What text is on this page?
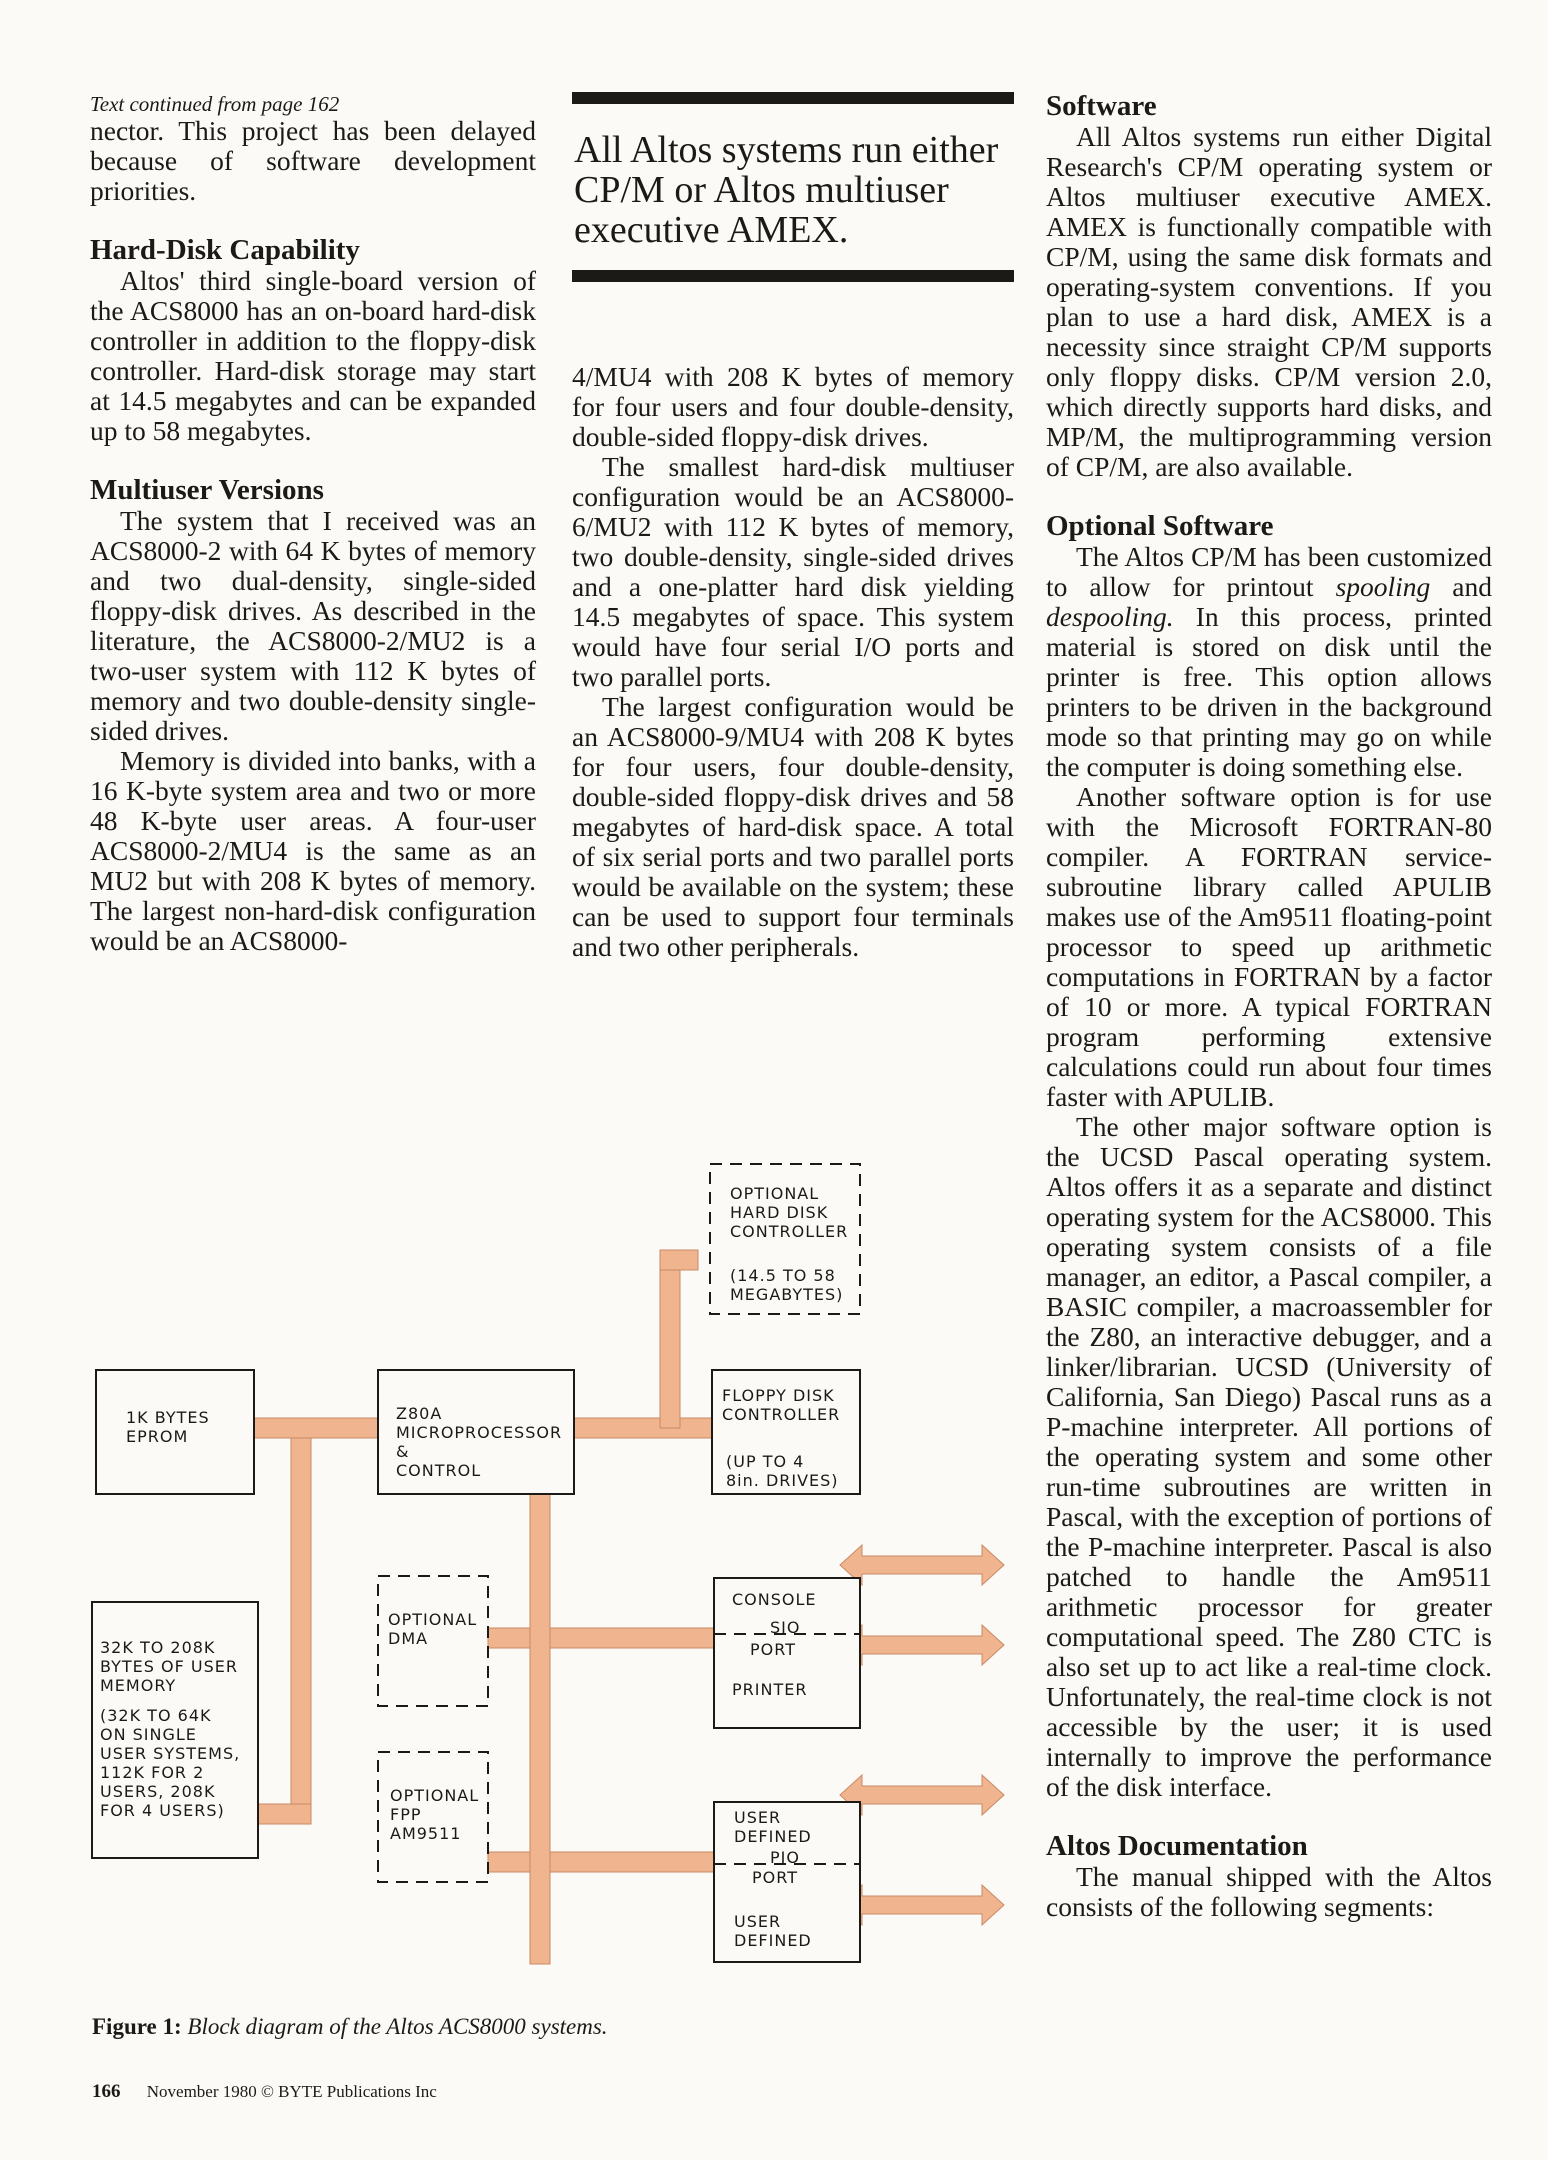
Text continued from page 162

nector. This project has been delayed because of software development priorities.

Hard-Disk Capability

Altos' third single-board version of the ACS8000 has an on-board hard-disk controller in addition to the floppy-disk controller. Hard-disk storage may start at 14.5 megabytes and can be expanded up to 58 megabytes.

Multiuser Versions

The system that I received was an ACS8000-2 with 64 K bytes of memory and two dual-density, single-sided floppy-disk drives. As described in the literature, the ACS8000-2/MU2 is a two-user system with 112 K bytes of memory and two double-density single-sided drives.

Memory is divided into banks, with a 16 K-byte system area and two or more 48 K-byte user areas. A four-user ACS8000-2/MU4 is the same as an MU2 but with 208 K bytes of memory. The largest non-hard-disk configuration would be an ACS8000-

All Altos systems run either CP/M or Altos multiuser executive AMEX.

4/MU4 with 208 K bytes of memory for four users and four double-density, double-sided floppy-disk drives.

The smallest hard-disk multiuser configuration would be an ACS8000-6/MU2 with 112 K bytes of memory, two double-density, single-sided drives and a one-platter hard disk yielding 14.5 megabytes of space. This system would have four serial I/O ports and two parallel ports.

The largest configuration would be an ACS8000-9/MU4 with 208 K bytes for four users, four double-density, double-sided floppy-disk drives and 58 megabytes of hard-disk space. A total of six serial ports and two parallel ports would be available on the system; these can be used to support four terminals and two other peripherals.

Software

All Altos systems run either Digital Research's CP/M operating system or Altos multiuser executive AMEX. AMEX is functionally compatible with CP/M, using the same disk formats and operating-system conventions. If you plan to use a hard disk, AMEX is a necessity since straight CP/M supports only floppy disks. CP/M version 2.0, which directly supports hard disks, and MP/M, the multiprogramming version of CP/M, are also available.

Optional Software

The Altos CP/M has been customized to allow for printout spooling and despooling. In this process, printed material is stored on disk until the printer is free. This option allows printers to be driven in the background mode so that printing may go on while the computer is doing something else.

Another software option is for use with the Microsoft FORTRAN-80 compiler. A FORTRAN service-subroutine library called APULIB makes use of the Am9511 floating-point processor to speed up arithmetic computations in FORTRAN by a factor of 10 or more. A typical FORTRAN program performing extensive calculations could run about four times faster with APULIB.

The other major software option is the UCSD Pascal operating system. Altos offers it as a separate and distinct operating system for the ACS8000. This operating system consists of a file manager, an editor, a Pascal compiler, a BASIC compiler, a macroassembler for the Z80, an interactive debugger, and a linker/librarian. UCSD (University of California, San Diego) Pascal runs as a P-machine interpreter. All portions of the operating system and some other run-time subroutines are written in Pascal, with the exception of portions of the P-machine interpreter. Pascal is also patched to handle the Am9511 arithmetic processor for greater computational speed. The Z80 CTC is also set up to act like a real-time clock. Unfortunately, the real-time clock is not accessible by the user; it is used internally to improve the performance of the disk interface.

Altos Documentation

The manual shipped with the Altos consists of the following segments:

OPTIONAL
HARD DISK
CONTROLLER
(14.5 TO 58
MEGABYTES)
1K BYTES
EPROM
Z80A
MICROPROCESSOR
&
CONTROL
FLOPPY DISK
CONTROLLER
(UP TO 4
8in. DRIVES)
OPTIONAL
DMA
32K TO 208K
BYTES OF USER
MEMORY
(32K TO 64K
ON SINGLE
USER SYSTEMS,
112K FOR 2
USERS, 208K
FOR 4 USERS)
CONSOLE
SIO
PORT
PRINTER
OPTIONAL
FPP
AM9511
USER
DEFINED
PIO
PORT
USER
DEFINED
Figure 1: Block diagram of the Altos ACS8000 systems.
166 November 1980 © BYTE Publications Inc
